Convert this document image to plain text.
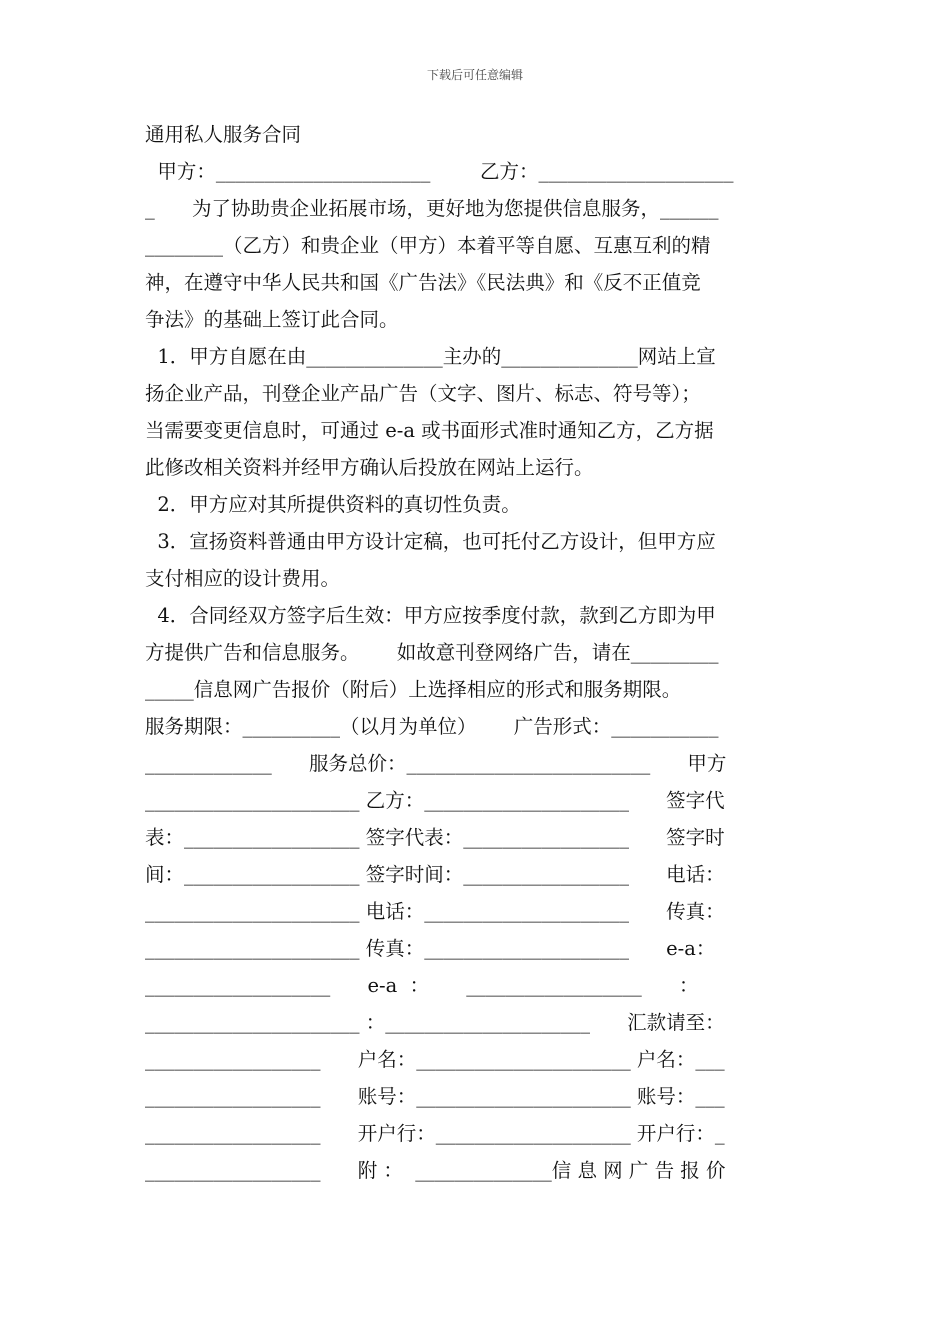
下载后可任意编辑
通用私人服务合同
甲方：______________________        乙方：____________________
_      为了协助贵企业拓展市场，更好地为您提供信息服务，______
________（乙方）和贵企业（甲方）本着平等自愿、互惠互利的精
神，在遵守中华人民共和国《广告法》《民法典》和《反不正值竞
争法》的基础上签订此合同。
1．甲方自愿在由______________主办的______________网站上宣
扬企业产品，刊登企业产品广告（文字、图片、标志、符号等）；
当需要变更信息时，可通过 e-a 或书面形式准时通知乙方，乙方据
此修改相关资料并经甲方确认后投放在网站上运行。
2．甲方应对其所提供资料的真切性负责。
3．宣扬资料普通由甲方设计定稿，也可托付乙方设计，但甲方应
支付相应的设计费用。
4．合同经双方签字后生效：甲方应按季度付款，款到乙方即为甲
方提供广告和信息服务。      如故意刊登网络广告，请在_________
_____信息网广告报价（附后）上选择相应的形式和服务期限。
服务期限：__________（以月为单位）      广告形式：___________
_____________      服务总价：_________________________      甲方
______________________ 乙方：_____________________      签字代
表：__________________ 签字代表：_________________      签字时
间：__________________ 签字时间：_________________      电话：
______________________ 电话：_____________________      传真：
______________________ 传真：_____________________      e-a：
___________________      e-a  ：      __________________      ：
______________________ ：_____________________      汇款请至：
__________________      户名：______________________ 户名：___
__________________      账号：______________________ 账号：___
__________________      开户行：____________________ 开户行：_
__________________      附 ：  ______________信 息 网 广 告 报 价
